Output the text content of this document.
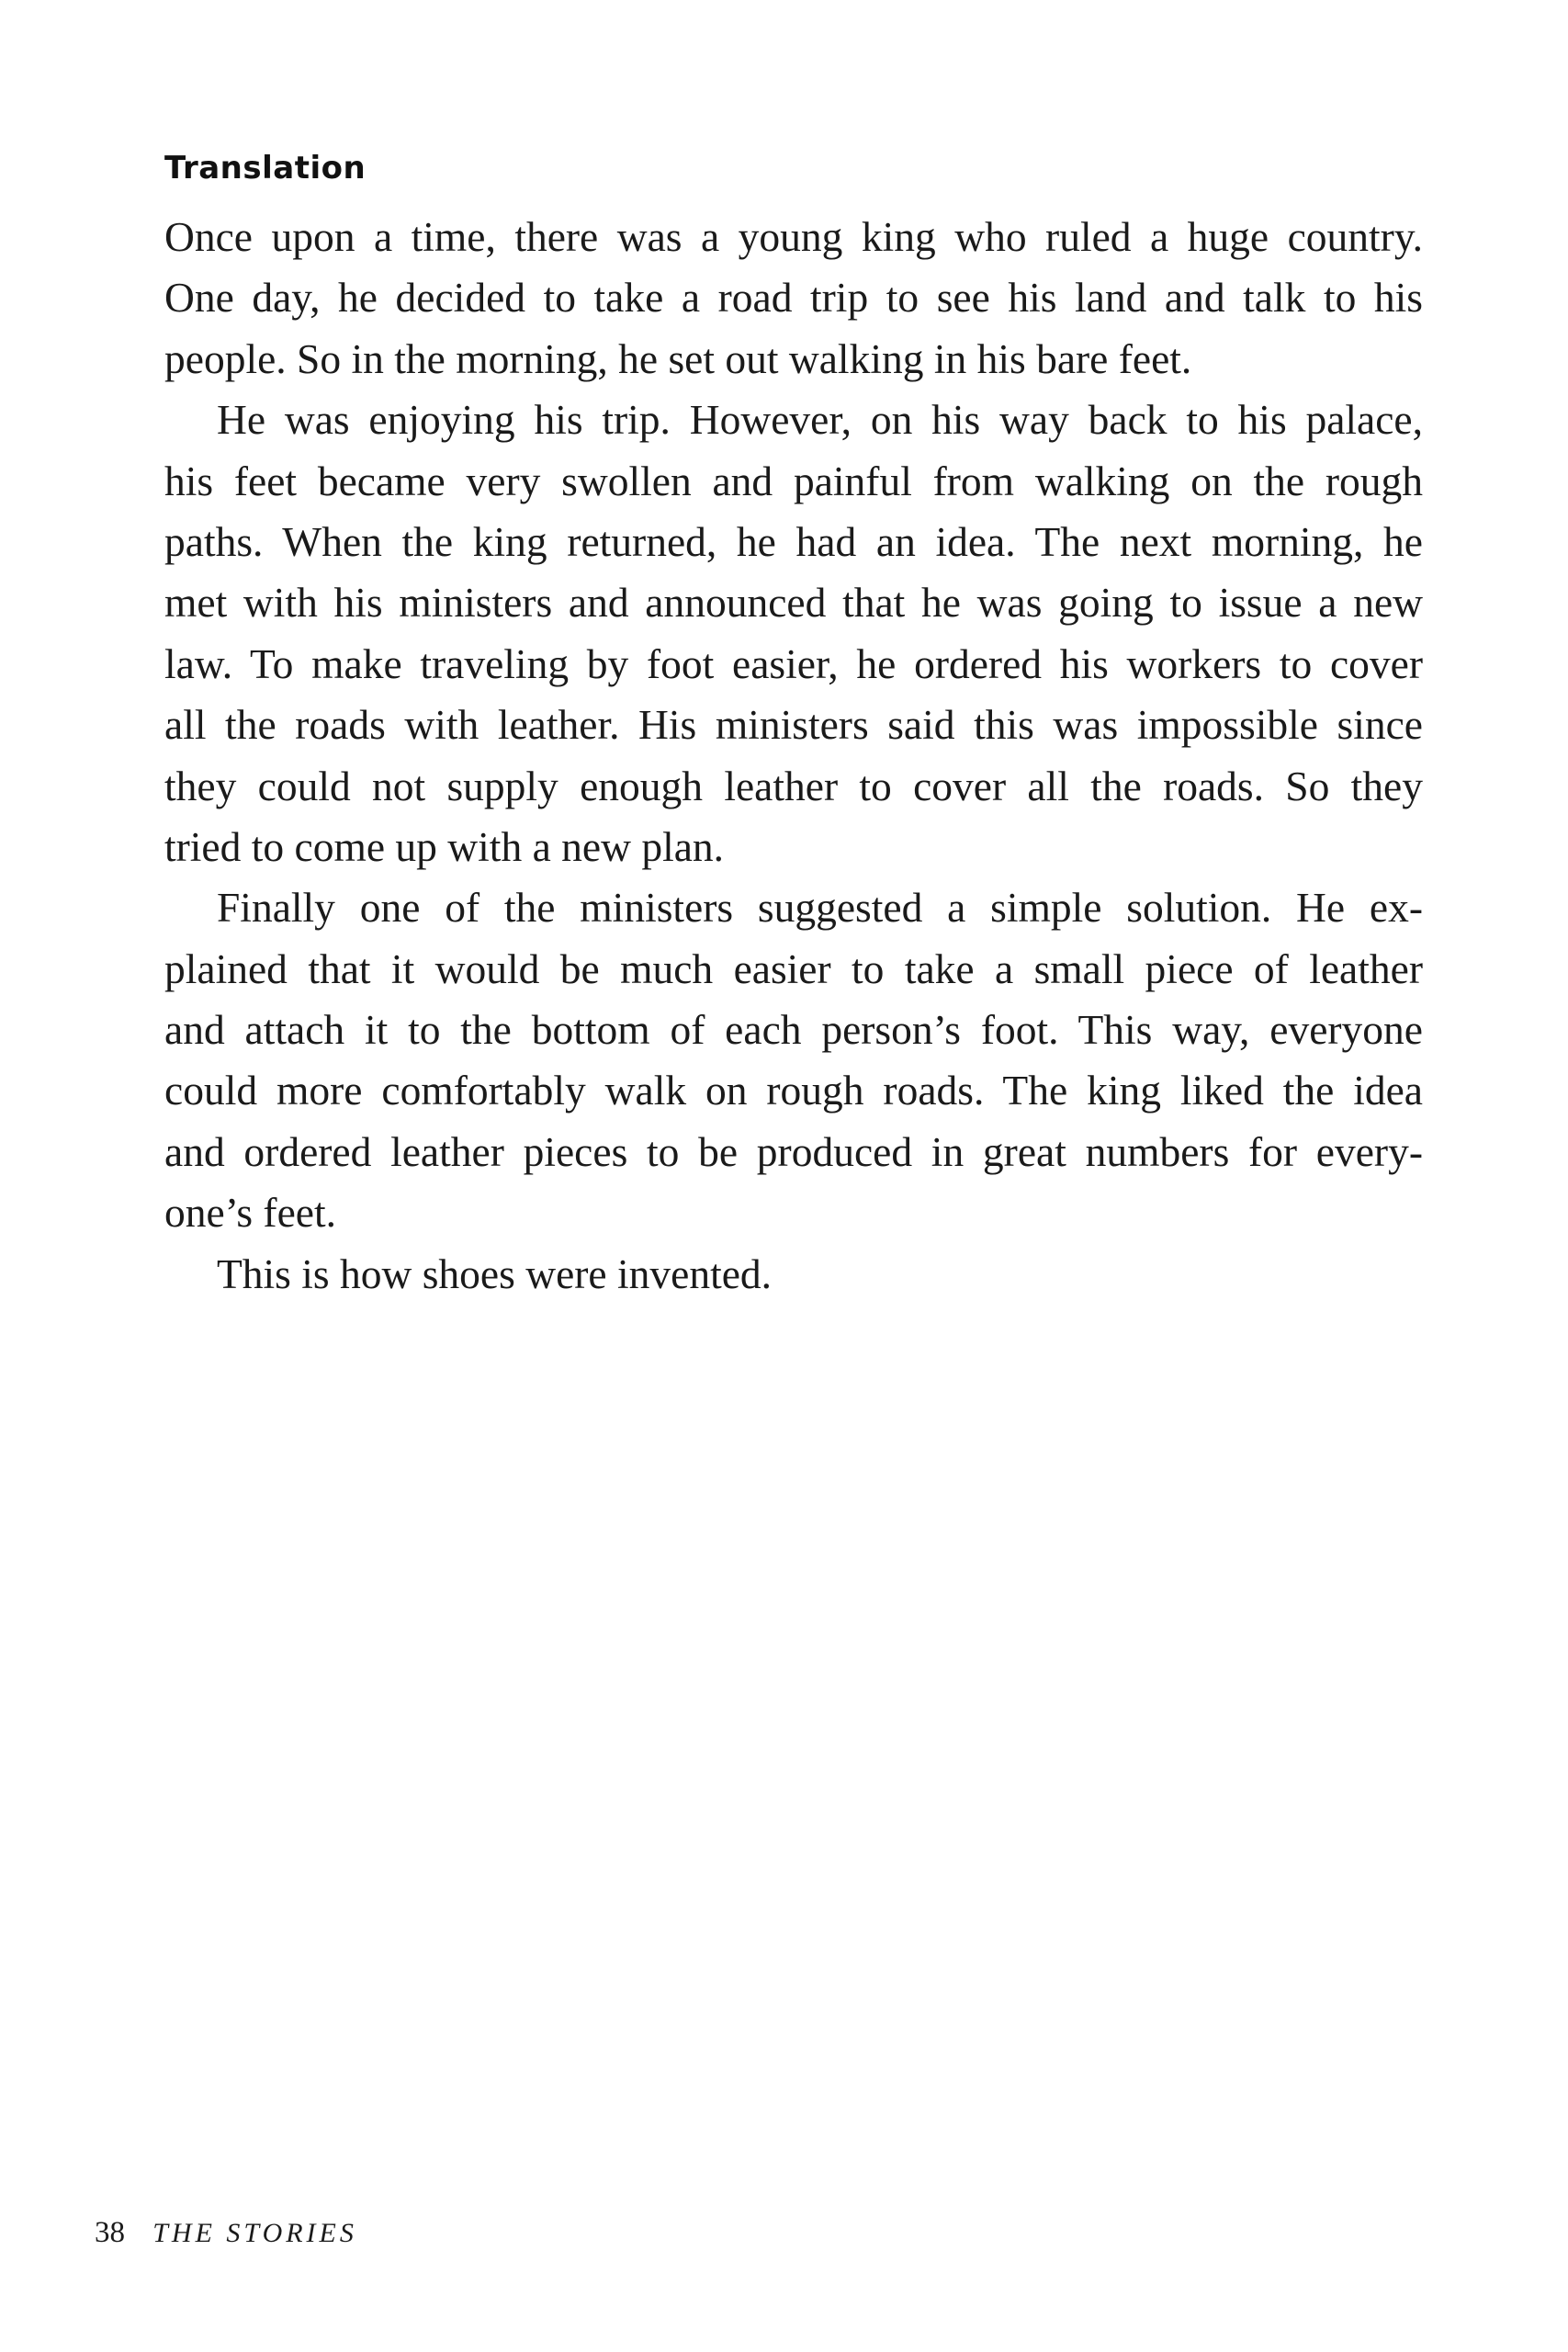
Translation
Once upon a time, there was a young king who ruled a huge country.
One day, he decided to take a road trip to see his land and talk to his
people. So in the morning, he set out walking in his bare feet.
He was enjoying his trip. However, on his way back to his palace,
his feet became very swollen and painful from walking on the rough
paths. When the king returned, he had an idea. The next morning, he
met with his ministers and announced that he was going to issue a new
law. To make traveling by foot easier, he ordered his workers to cover
all the roads with leather. His ministers said this was impossible since
they could not supply enough leather to cover all the roads. So they
tried to come up with a new plan.
Finally one of the ministers suggested a simple solution. He ex-
plained that it would be much easier to take a small piece of leather
and attach it to the bottom of each person’s foot. This way, everyone
could more comfortably walk on rough roads. The king liked the idea
and ordered leather pieces to be produced in great numbers for every-
one’s feet.
This is how shoes were invented.
38 THE STORIES
